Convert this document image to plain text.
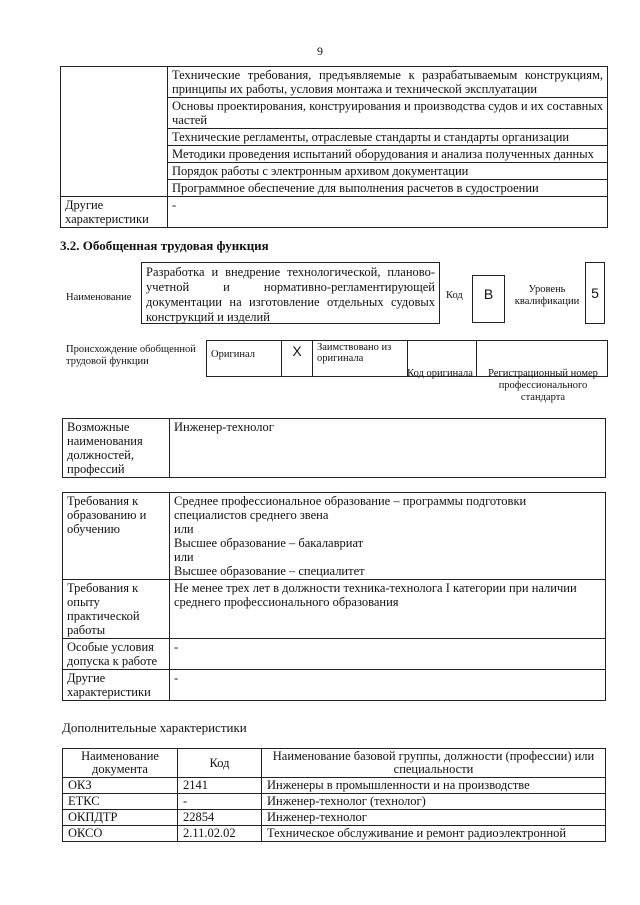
9
	Технические требования, предъявляемые к разрабатываемым конструкциям, принципы их работы, условия монтажа и технической эксплуатации
	Основы проектирования, конструирования и производства судов и их составных частей
	Технические регламенты, отраслевые стандарты и стандарты организации
	Методики проведения испытаний оборудования и анализа полученных данных
	Порядок работы с электронным архивом документации
	Программное обеспечение для выполнения расчетов в судостроении
Другие характеристики	-
3.2. Обобщенная трудовая функция
Наименование
Разработка и внедрение технологической, планово-учетной и нормативно-регламентирующей документации на изготовление отдельных судовых конструкций и изделий
Код	B	Уровень квалификации
5
Происхождение обобщенной трудовой функции
Оригинал	X	Заимствовано из оригинала		
Код оригинала	Регистрационный номер профессионального стандарта
Возможные наименования должностей, профессий	Инженер-технолог
Требования к образованию и обучению	Среднее профессиональное образование – программы подготовки специалистов среднего звена
или
Высшее образование – бакалавриат
или
Высшее образование – специалитет

Требования к опыту практической работы	Не менее трех лет в должности техника-технолога I категории при наличии среднего профессионального образования
Особые условия допуска к работе	-
Другие характеристики	-
Дополнительные характеристики
Наименование документа	Код	Наименование базовой группы, должности (профессии) или специальности
ОКЗ	2141	Инженеры в промышленности и на производстве
ЕТКС	-	Инженер-технолог (технолог)
ОКПДТР	22854	Инженер-технолог
ОКСО	2.11.02.02	Техническое обслуживание и ремонт радиоэлектронной
